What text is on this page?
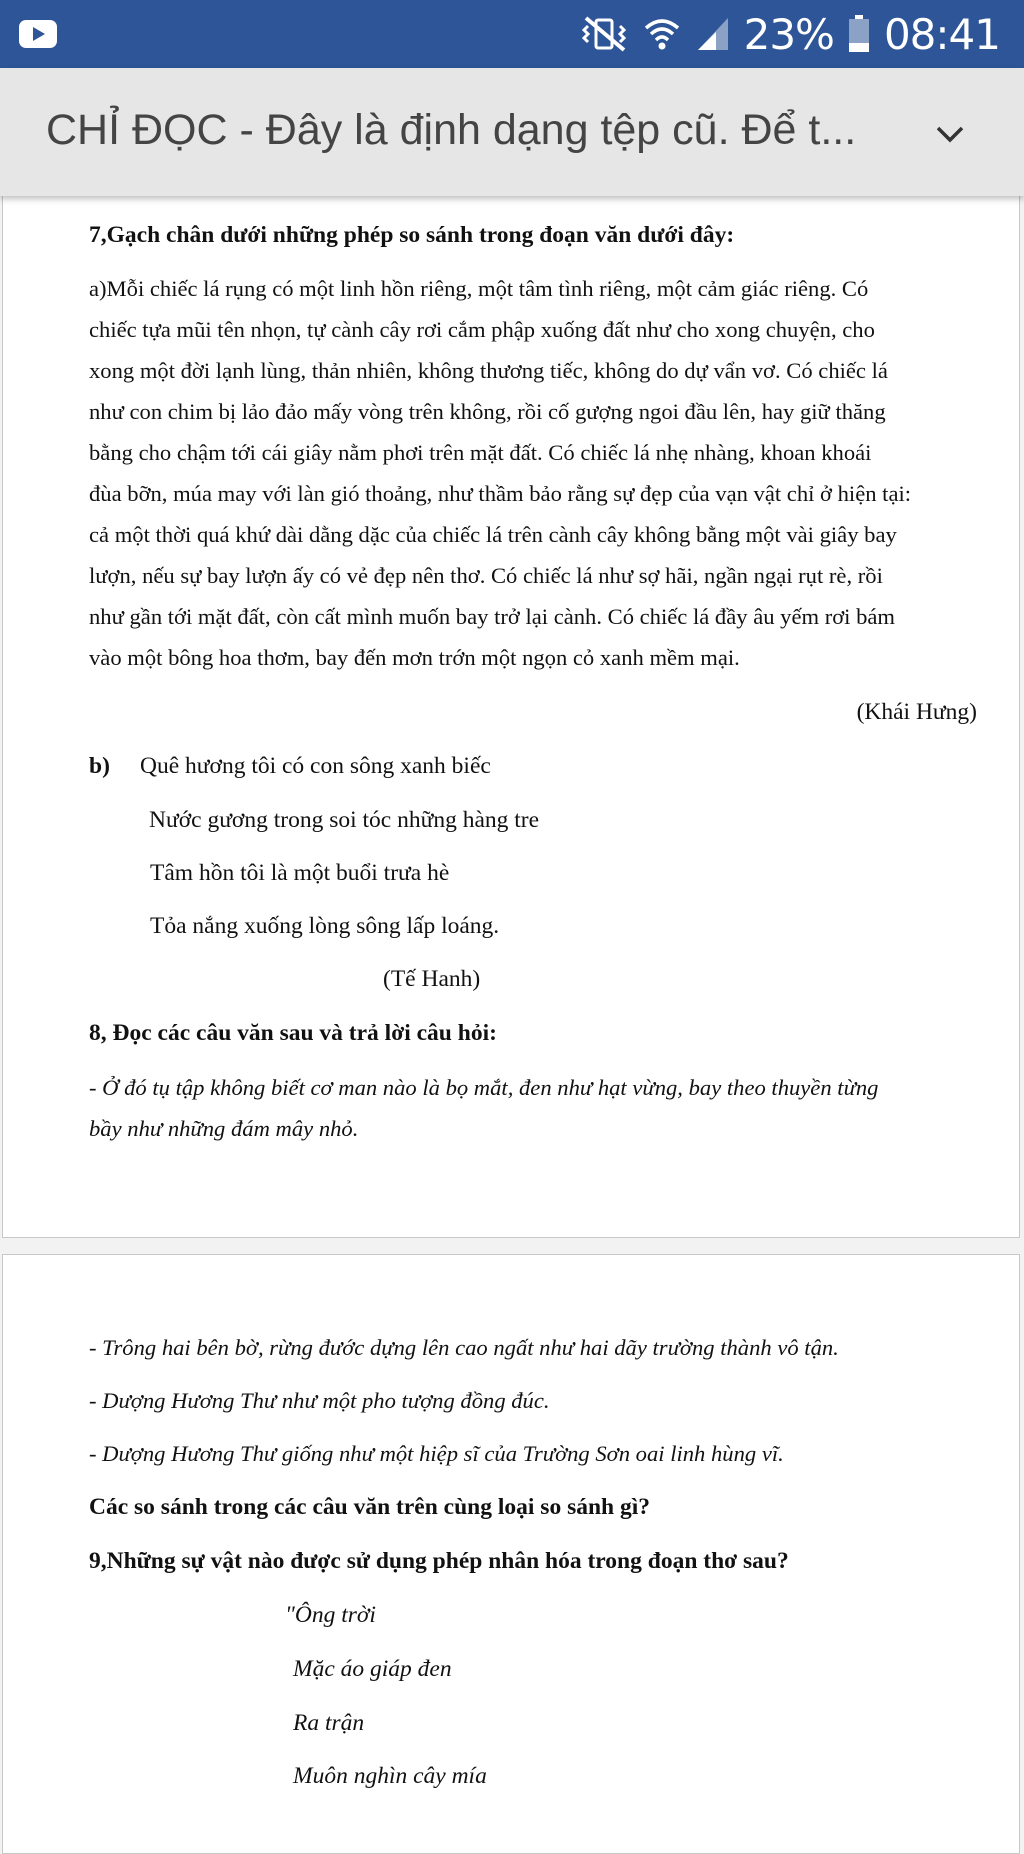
23% 08:41
CHỈ ĐỌC - Đây là định dạng tệp cũ. Để t...
7,Gạch chân dưới những phép so sánh trong đoạn văn dưới đây:
a)Mỗi chiếc lá rụng có một linh hồn riêng, một tâm tình riêng, một cảm giác riêng. Có
chiếc tựa mũi tên nhọn, tự cành cây rơi cắm phập xuống đất như cho xong chuyện, cho
xong một đời lạnh lùng, thản nhiên, không thương tiếc, không do dự vẩn vơ. Có chiếc lá
như con chim bị lảo đảo mấy vòng trên không, rồi cố gượng ngoi đầu lên, hay giữ thăng
bằng cho chậm tới cái giây nằm phơi trên mặt đất. Có chiếc lá nhẹ nhàng, khoan khoái
đùa bỡn, múa may với làn gió thoảng, như thầm bảo rằng sự đẹp của vạn vật chỉ ở hiện tại:
cả một thời quá khứ dài dằng dặc của chiếc lá trên cành cây không bằng một vài giây bay
lượn, nếu sự bay lượn ấy có vẻ đẹp nên thơ. Có chiếc lá như sợ hãi, ngần ngại rụt rè, rồi
như gần tới mặt đất, còn cất mình muốn bay trở lại cành. Có chiếc lá đầy âu yếm rơi bám
vào một bông hoa thơm, bay đến mơn trớn một ngọn cỏ xanh mềm mại.
(Khái Hưng)
b) Quê hương tôi có con sông xanh biếc
Nước gương trong soi tóc những hàng tre
Tâm hồn tôi là một buổi trưa hè
Tỏa nắng xuống lòng sông lấp loáng.
(Tế Hanh)
8, Đọc các câu văn sau và trả lời câu hỏi:
- Ở đó tụ tập không biết cơ man nào là bọ mắt, đen như hạt vừng, bay theo thuyền từng
bầy như những đám mây nhỏ.
- Trông hai bên bờ, rừng đước dựng lên cao ngất như hai dãy trường thành vô tận.
- Dượng Hương Thư như một pho tượng đồng đúc.
- Dượng Hương Thư giống như một hiệp sĩ của Trường Sơn oai linh hùng vĩ.
Các so sánh trong các câu văn trên cùng loại so sánh gì?
9,Những sự vật nào được sử dụng phép nhân hóa trong đoạn thơ sau?
"Ông trời
Mặc áo giáp đen
Ra trận
Muôn nghìn cây mía
